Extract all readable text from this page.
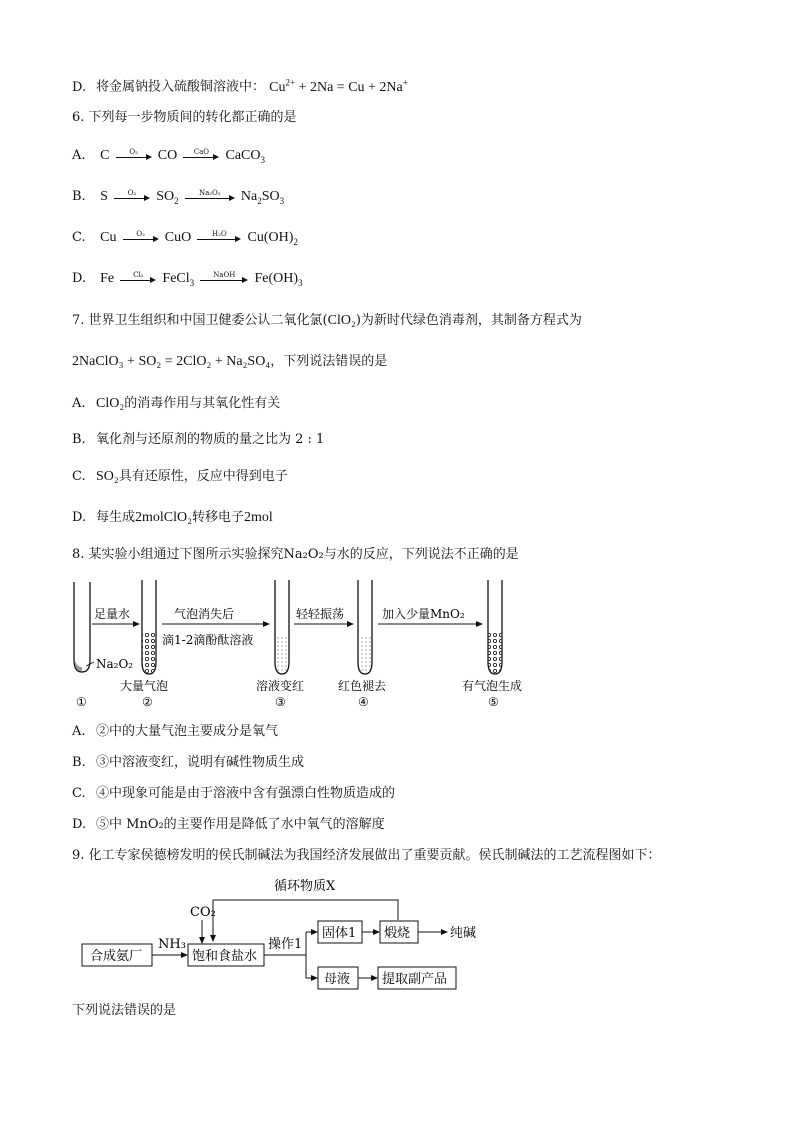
D. 将金属钠投入硫酸铜溶液中： $Cu^{2+} + 2Na = Cu + 2Na^+$
6. 下列每一步物质间的转化都正确的是
A. C	O₂	CO	CaO	CaCO$_3$
B. S	O₂	$SO_2$
Na₂O₂	$Na_2SO_3$
C. Cu	O₂	CuO	H₂O	$Cu(OH)_2$
D. Fe	Cl₂	FeCl$_3$
NaOH	$Fe(OH)_3$
7. 世界卫生组织和中国卫健委公认二氧化氯(ClO₂)为新时代绿色消毒剂，其制备方程式为
2NaClO₃ + SO₂ = 2ClO₂ + Na₂SO₄，下列说法错误的是
A. ClO₂的消毒作用与其氧化性有关
B. 氧化剂与还原剂的物质的量之比为 2 : 1
C. SO₂具有还原性，反应中得到电子
D. 每生成2molClO₂转移电子2mol
8. 某实验小组通过下图所示实验探究Na₂O₂与水的反应，下列说法不正确的是
足量水	气泡消失后
滴1-2滴酚酞溶液
轻轻振荡	加入少量MnO₂
Na₂O₂
大量气泡	溶液变红	红色褪去	有气泡生成
①	②	③	④	⑤
A. ②中的大量气泡主要成分是氧气
B. ③中溶液变红，说明有碱性物质生成
C. ④中现象可能是由于溶液中含有强漂白性物质造成的
D. ⑤中 MnO₂的主要作用是降低了水中氧气的溶解度
9. 化工专家侯德榜发明的侯氏制碱法为我国经济发展做出了重要贡献。侯氏制碱法的工艺流程图如下：
循环物质X
CO₂
合成氨厂
NH₃
饱和食盐水
操作1
固体1 煅烧	纯碱
母液 提取副产品
下列说法错误的是
